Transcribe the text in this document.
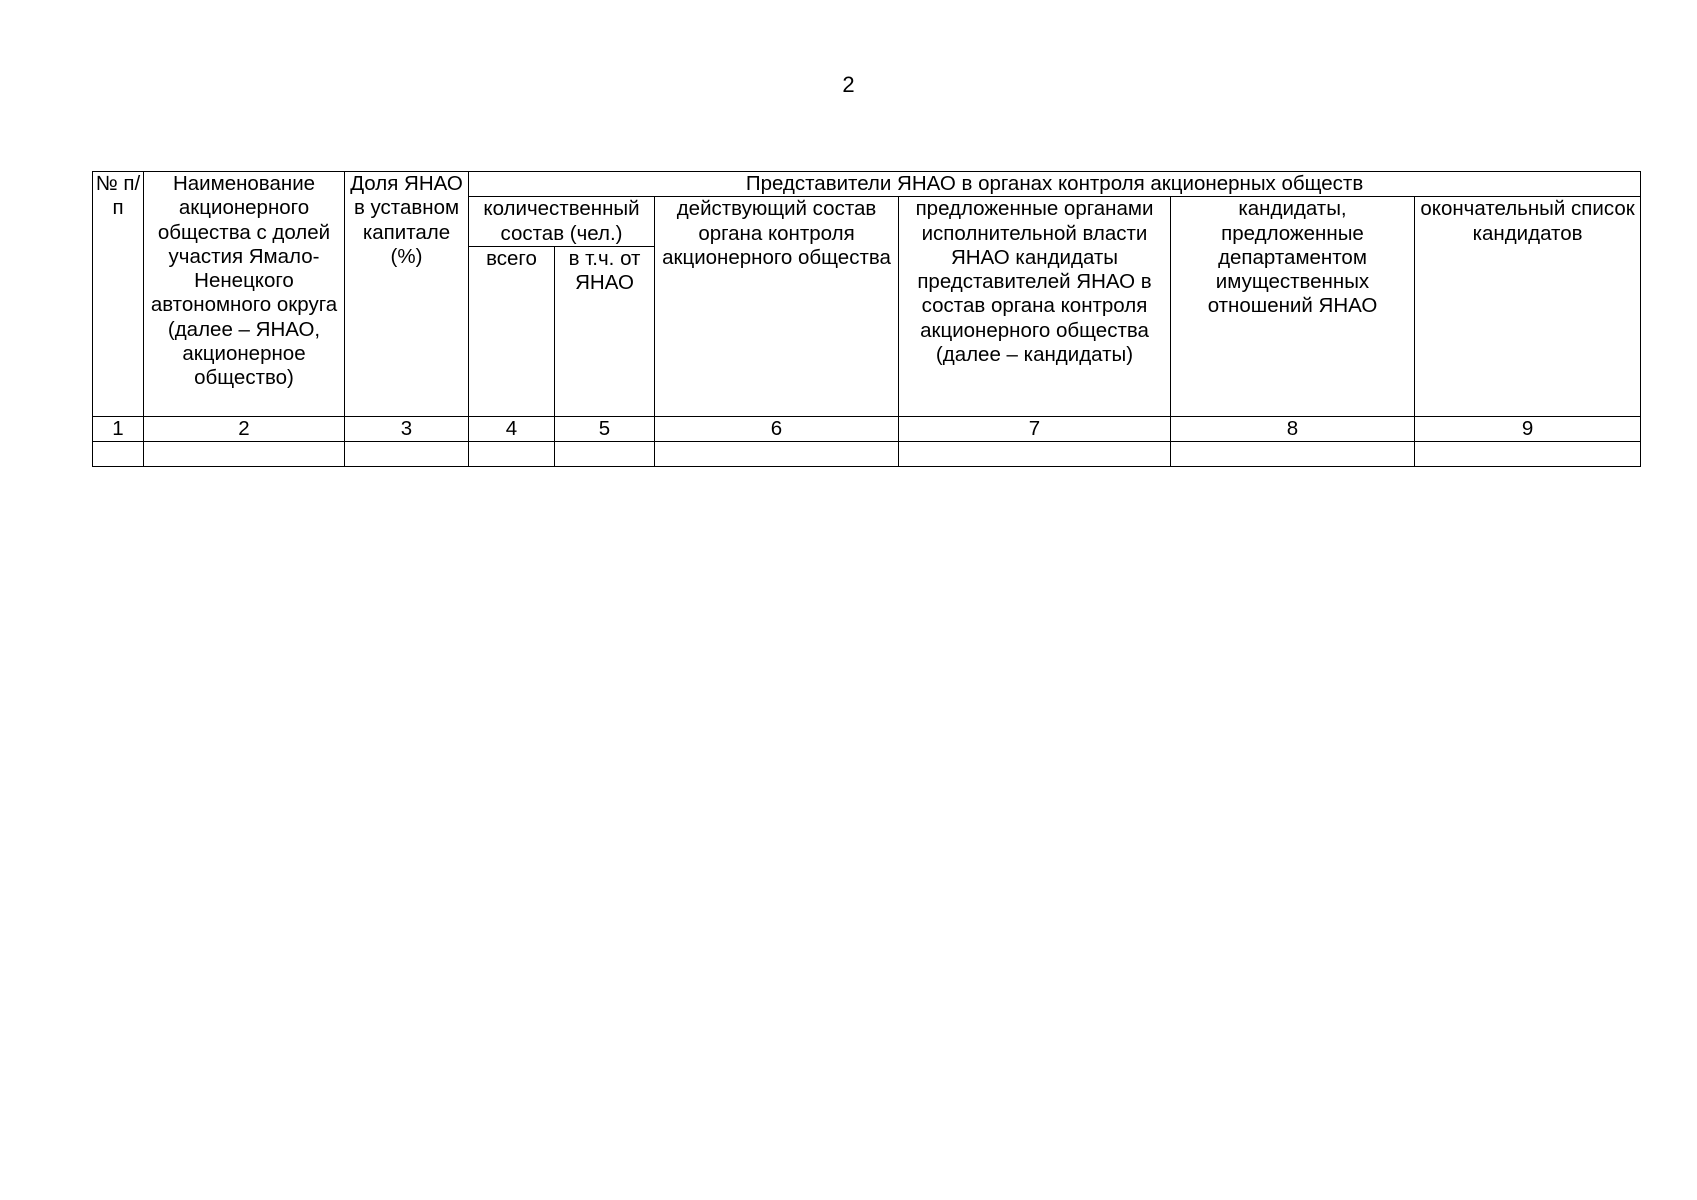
2
№ п/п	Наименование акционерного общества с долей участия Ямало-Ненецкого автономного округа (далее – ЯНАО, акционерное общество)	Доля ЯНАО в уставном капитале (%)	Представители ЯНАО в органах контроля акционерных обществ					
			количественный состав (чел.)		действующий состав органа контроля акционерного общества	предложенные органами исполнительной власти ЯНАО кандидаты представителей ЯНАО в состав органа контроля акционерного общества (далее – кандидаты)	кандидаты, предложенные департаментом имущественных отношений ЯНАО	окончательный список кандидатов
			всего	в т.ч. от ЯНАО				
1	2	3	4	5	6	7	8	9
